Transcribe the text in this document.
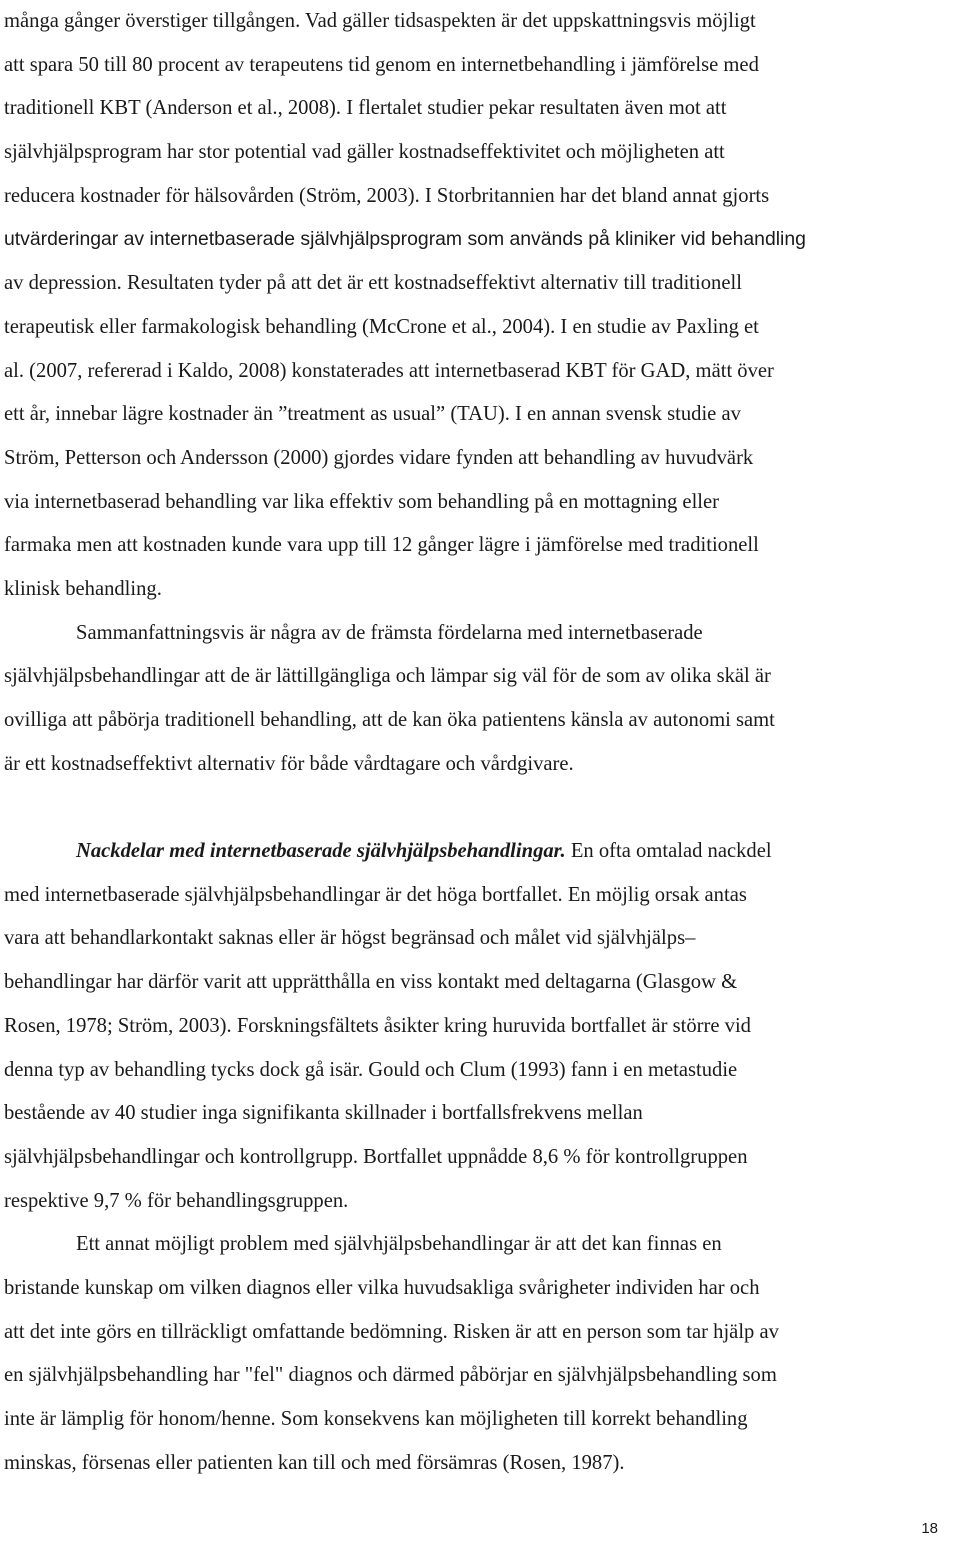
många gånger överstiger tillgången. Vad gäller tidsaspekten är det uppskattningsvis möjligt
att spara 50 till 80 procent av terapeutens tid genom en internetbehandling i jämförelse med
traditionell KBT (Anderson et al., 2008). I flertalet studier pekar resultaten även mot att
självhjälpsprogram har stor potential vad gäller kostnadseffektivitet och möjligheten att
reducera kostnader för hälsovården (Ström, 2003). I Storbritannien har det bland annat gjorts
utvärderingar av internetbaserade självhjälpsprogram som används på kliniker vid behandling
av depression. Resultaten tyder på att det är ett kostnadseffektivt alternativ till traditionell
terapeutisk eller farmakologisk behandling (McCrone et al., 2004). I en studie av Paxling et
al. (2007, refererad i Kaldo, 2008) konstaterades att internetbaserad KBT för GAD, mätt över
ett år, innebar lägre kostnader än ”treatment as usual” (TAU). I en annan svensk studie av
Ström, Petterson och Andersson (2000) gjordes vidare fynden att behandling av huvudvärk
via internetbaserad behandling var lika effektiv som behandling på en mottagning eller
farmaka men att kostnaden kunde vara upp till 12 gånger lägre i jämförelse med traditionell
klinisk behandling.
Sammanfattningsvis är några av de främsta fördelarna med internetbaserade
självhjälpsbehandlingar att de är lättillgängliga och lämpar sig väl för de som av olika skäl är
ovilliga att påbörja traditionell behandling, att de kan öka patientens känsla av autonomi samt
är ett kostnadseffektivt alternativ för både vårdtagare och vårdgivare.
Nackdelar med internetbaserade självhjälpsbehandlingar. En ofta omtalad nackdel
med internetbaserade självhjälpsbehandlingar är det höga bortfallet. En möjlig orsak antas
vara att behandlarkontakt saknas eller är högst begränsad och målet vid självhjälps–
behandlingar har därför varit att upprätthålla en viss kontakt med deltagarna (Glasgow &
Rosen, 1978; Ström, 2003). Forskningsfältets åsikter kring huruvida bortfallet är större vid
denna typ av behandling tycks dock gå isär. Gould och Clum (1993) fann i en metastudie
bestående av 40 studier inga signifikanta skillnader i bortfallsfrekvens mellan
självhjälpsbehandlingar och kontrollgrupp. Bortfallet uppnådde 8,6 % för kontrollgruppen
respektive 9,7 % för behandlingsgruppen.
Ett annat möjligt problem med självhjälpsbehandlingar är att det kan finnas en
bristande kunskap om vilken diagnos eller vilka huvudsakliga svårigheter individen har och
att det inte görs en tillräckligt omfattande bedömning. Risken är att en person som tar hjälp av
en självhjälpsbehandling har "fel" diagnos och därmed påbörjar en självhjälpsbehandling som
inte är lämplig för honom/henne. Som konsekvens kan möjligheten till korrekt behandling
minskas, försenas eller patienten kan till och med försämras (Rosen, 1987).
18
